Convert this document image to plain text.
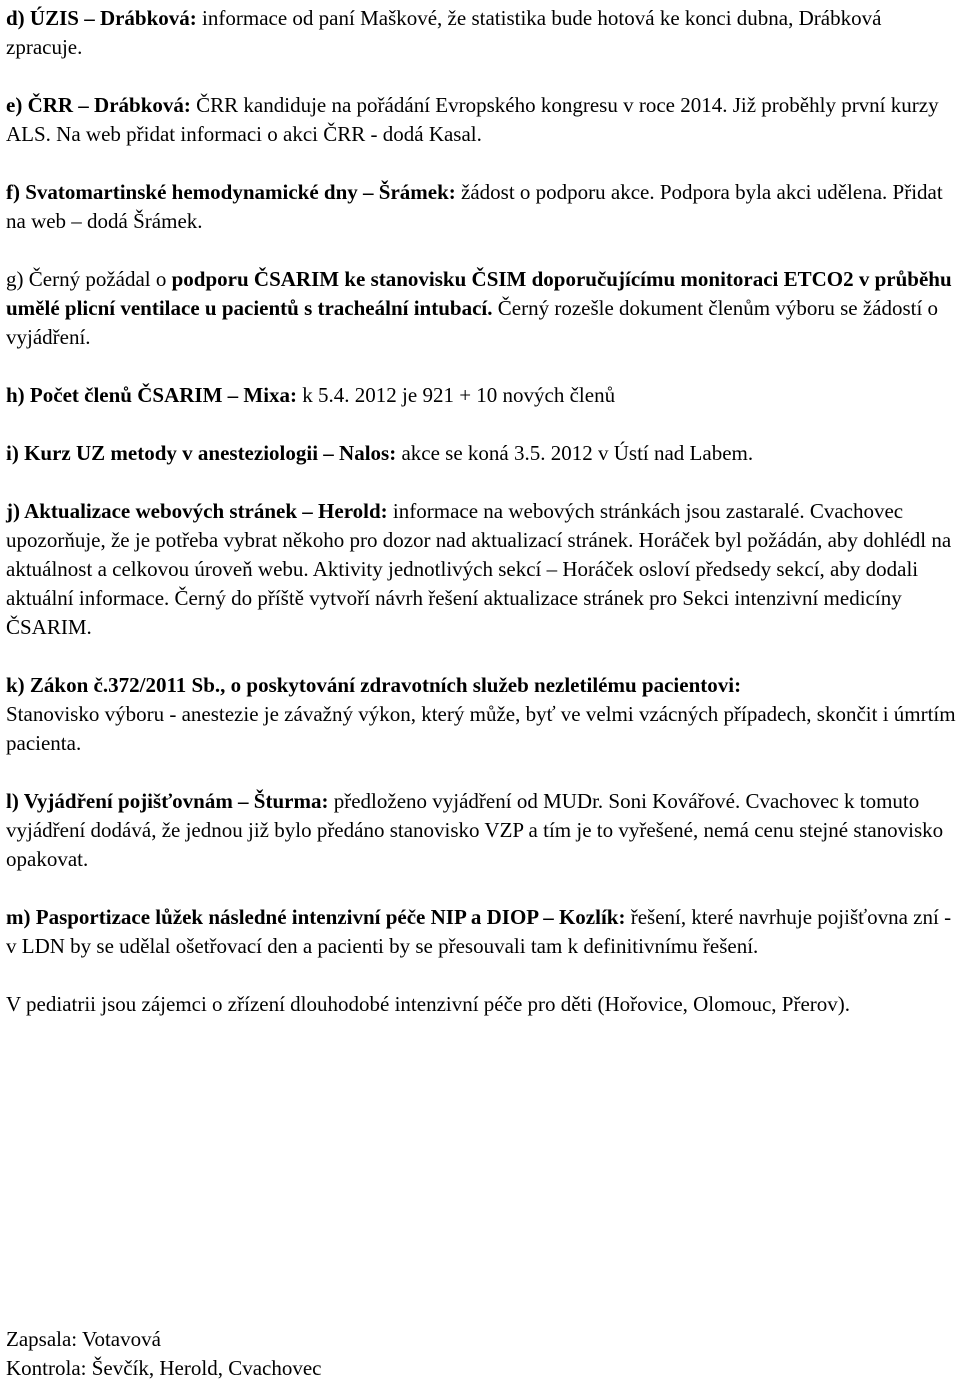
d) ÚZIS – Drábková: informace od paní Maškové, že statistika bude hotová ke konci dubna, Drábková zpracuje.

e) ČRR – Drábková: ČRR kandiduje na pořádání Evropského kongresu v roce 2014. Již proběhly první kurzy ALS. Na web přidat informaci o akci ČRR - dodá Kasal.

f) Svatomartinské hemodynamické dny – Šrámek: žádost o podporu akce. Podpora byla akci udělena. Přidat na web – dodá Šrámek.

g) Černý požádal o podporu ČSARIM ke stanovisku ČSIM doporučujícímu monitoraci ETCO2 v průběhu umělé plicní ventilace u pacientů s tracheální intubací. Černý rozešle dokument členům výboru se žádostí o vyjádření.

h) Počet členů ČSARIM – Mixa: k 5.4. 2012 je 921 + 10 nových členů

i) Kurz UZ metody v anesteziologii – Nalos: akce se koná 3.5. 2012 v Ústí nad Labem.

j) Aktualizace webových stránek – Herold: informace na webových stránkách jsou zastaralé. Cvachovec upozorňuje, že je potřeba vybrat někoho pro dozor nad aktualizací stránek. Horáček byl požádán, aby dohlédl na aktuálnost a celkovou úroveň webu. Aktivity jednotlivých sekcí – Horáček osloví předsedy sekcí, aby dodali aktuální informace. Černý do příště vytvoří návrh řešení aktualizace stránek pro Sekci intenzivní medicíny ČSARIM.

k) Zákon č.372/2011 Sb., o poskytování zdravotních služeb nezletilému pacientovi:

Stanovisko výboru - anestezie je závažný výkon, který může, byť ve velmi vzácných případech, skončit i úmrtím pacienta.

l) Vyjádření pojišťovnám – Šturma: předloženo vyjádření od MUDr. Soni Kovářové. Cvachovec k tomuto vyjádření dodává, že jednou již bylo předáno stanovisko VZP a tím je to vyřešené, nemá cenu stejné stanovisko opakovat.

m) Pasportizace lůžek následné intenzivní péče NIP a DIOP – Kozlík: řešení, které navrhuje pojišťovna zní - v LDN by se udělal ošetřovací den a pacienti by se přesouvali tam k definitivnímu řešení.

V pediatrii jsou zájemci o zřízení dlouhodobé intenzivní péče pro děti (Hořovice, Olomouc, Přerov).

Zapsala: Votavová

Kontrola: Ševčík, Herold, Cvachovec
